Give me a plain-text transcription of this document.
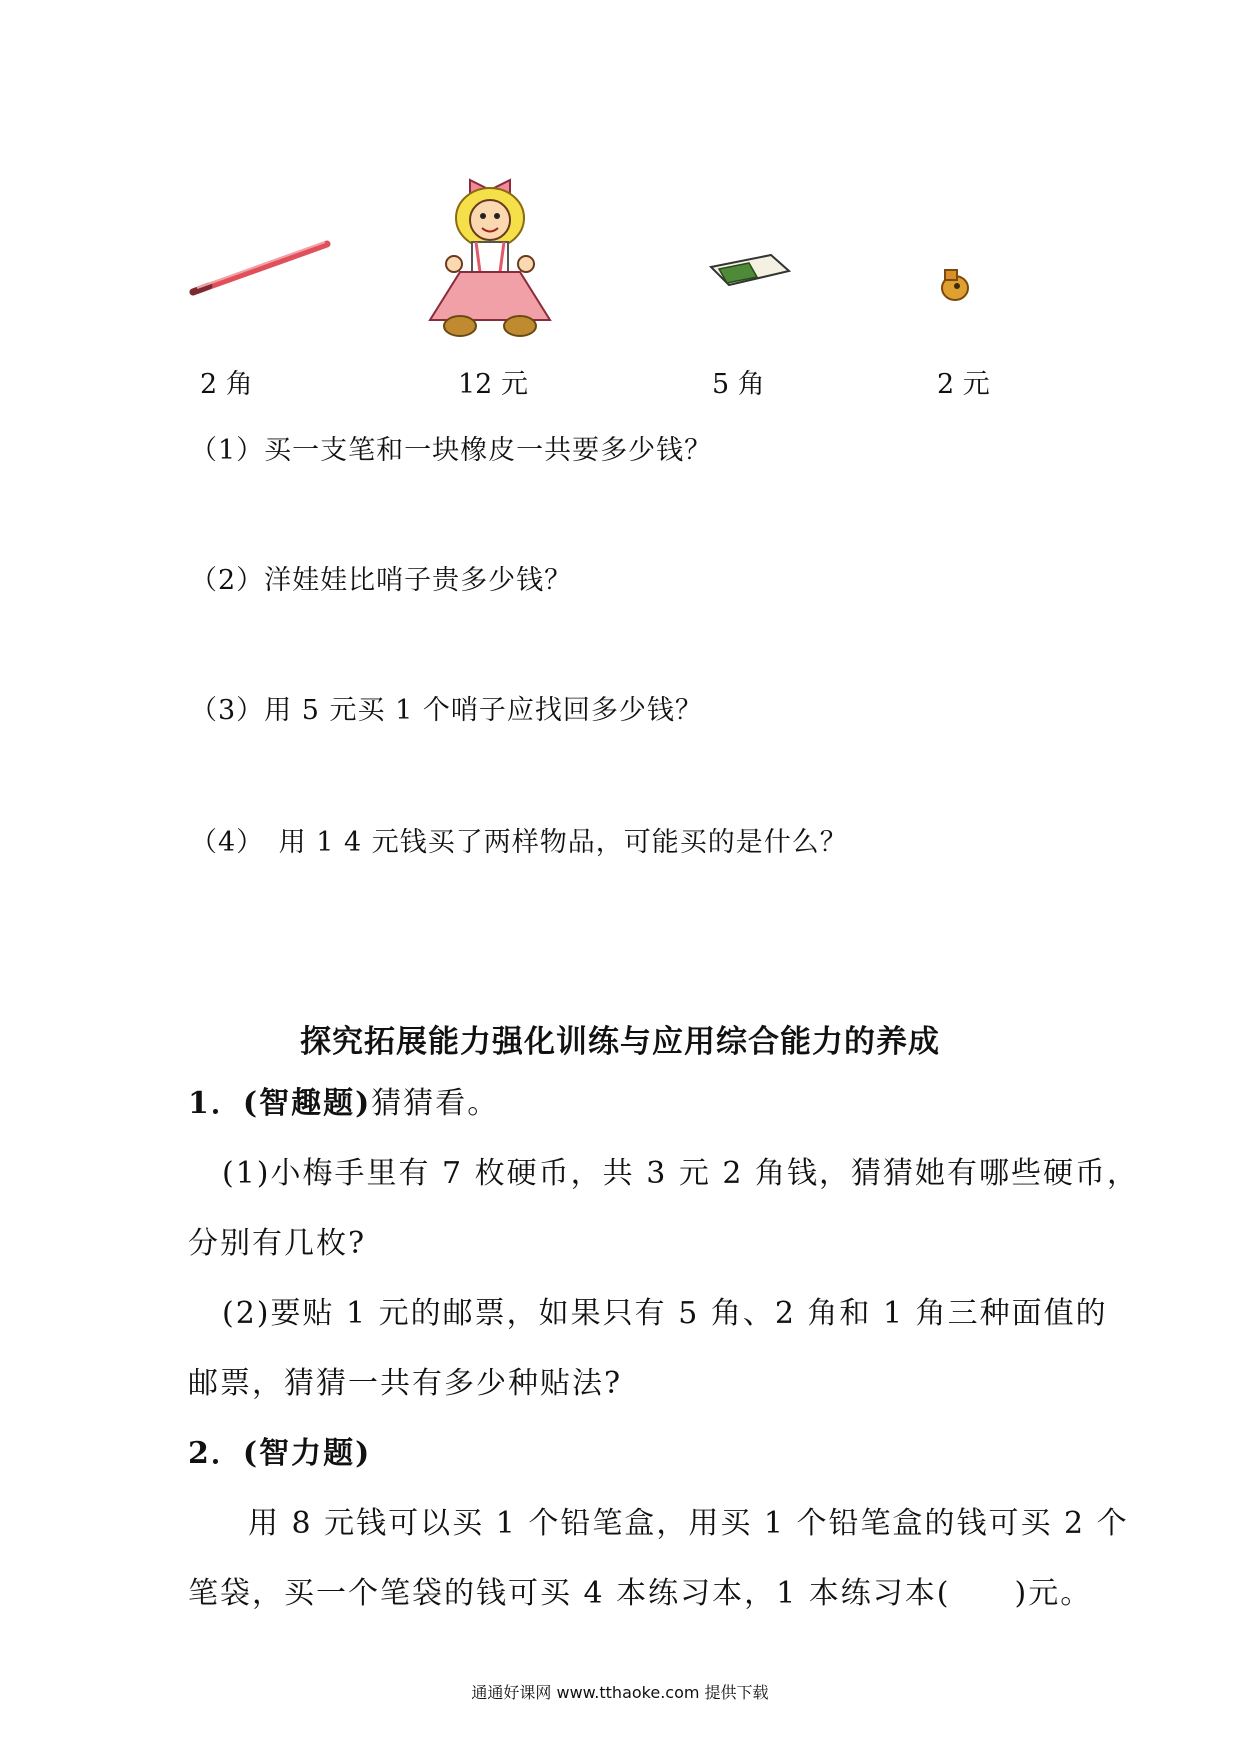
2 角	12 元	5 角	2 元
（1）买一支笔和一块橡皮一共要多少钱？
（2）洋娃娃比哨子贵多少钱？
（3）用 5 元买 1 个哨子应找回多少钱？
（4）　用 1 4 元钱买了两样物品，可能买的是什么？
探究拓展能力强化训练与应用综合能力的养成
1．(智趣题)猜猜看。
(1)小梅手里有 7 枚硬币，共 3 元 2 角钱，猜猜她有哪些硬币，
分别有几枚?
(2)要贴 1 元的邮票，如果只有 5 角、2 角和 1 角三种面值的
邮票，猜猜一共有多少种贴法?
2．(智力题)
用 8 元钱可以买 1 个铅笔盒，用买 1 个铅笔盒的钱可买 2 个
笔袋，买一个笔袋的钱可买 4 本练习本，1 本练习本(　　)元。
通通好课网 www.tthaoke.com 提供下载
